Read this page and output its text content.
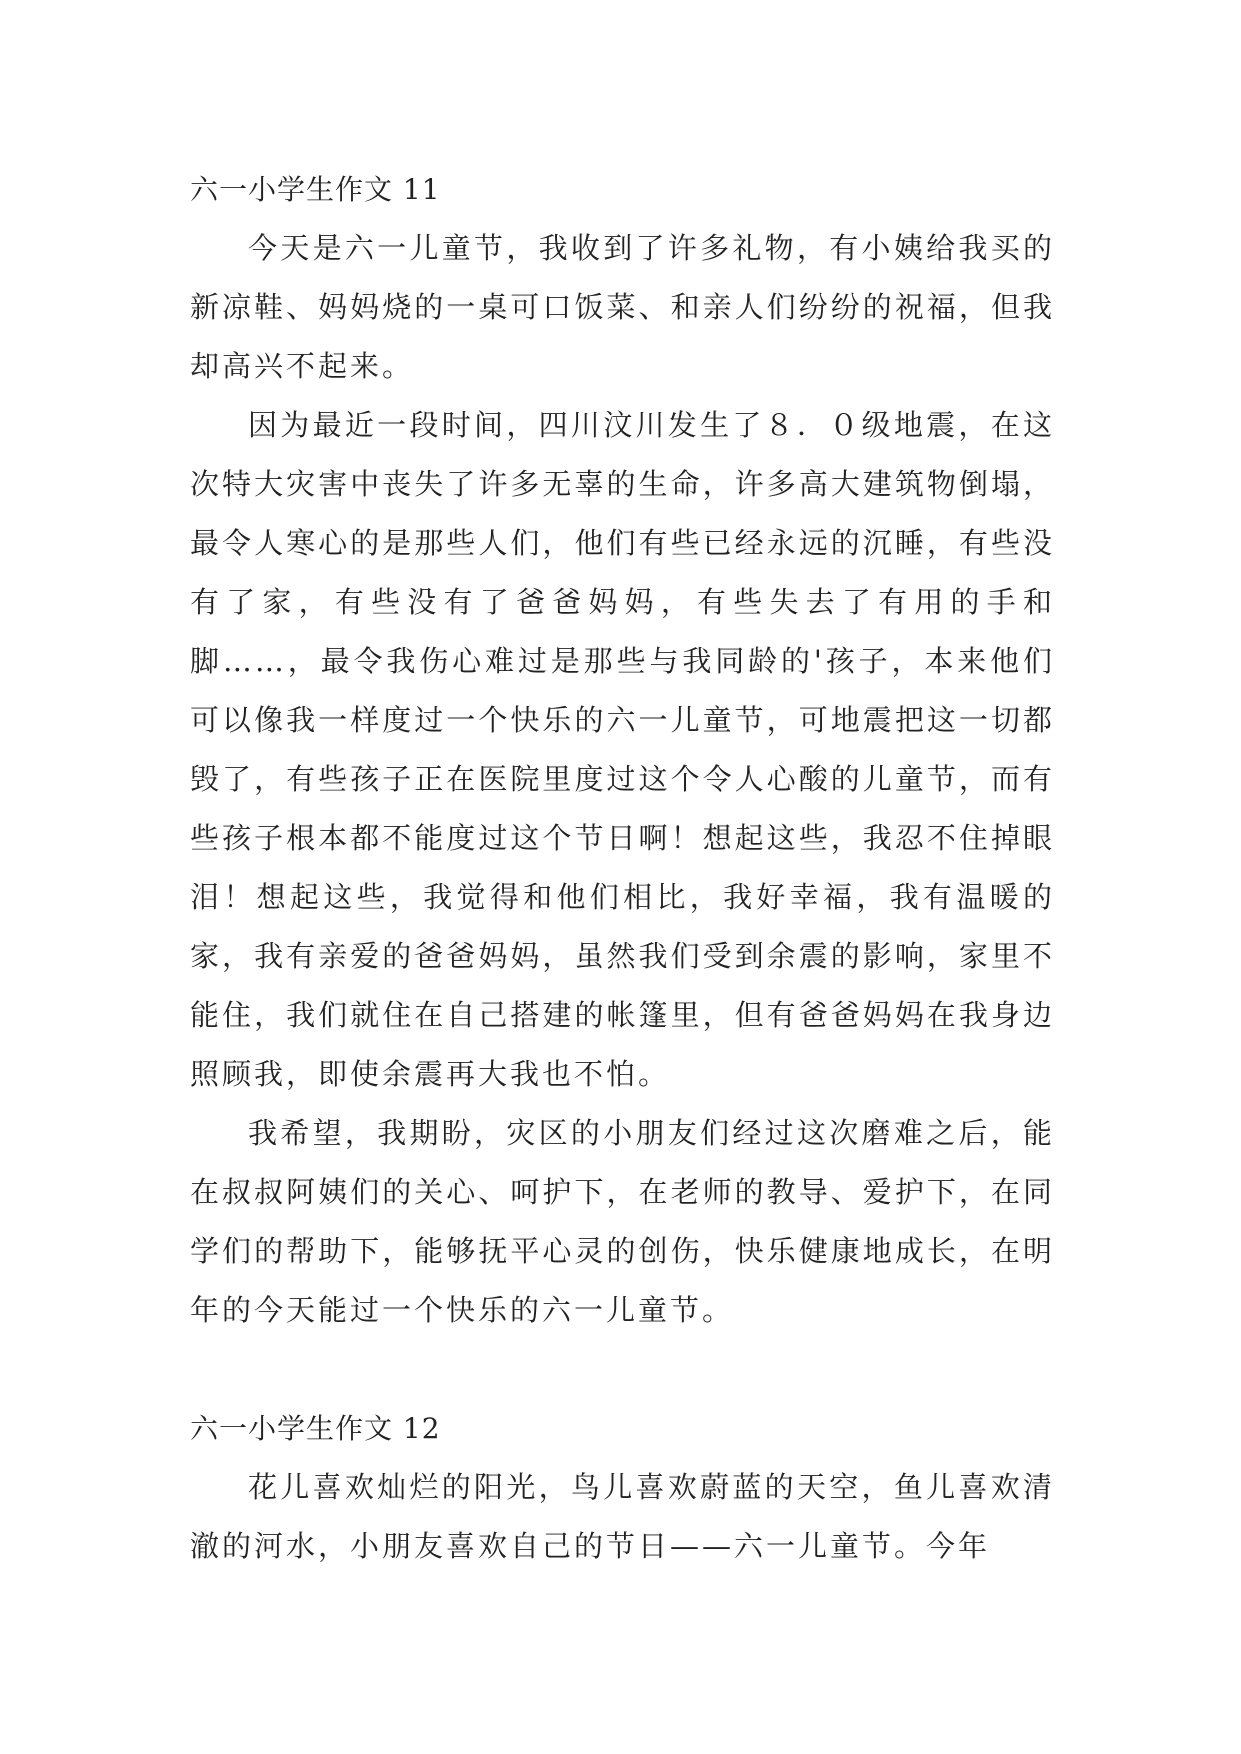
六一小学生作文 11

今天是六一儿童节，我收到了许多礼物，有小姨给我买的新凉鞋、妈妈烧的一桌可口饭菜、和亲人们纷纷的祝福，但我却高兴不起来。

因为最近一段时间，四川汶川发生了８．０级地震，在这次特大灾害中丧失了许多无辜的生命，许多高大建筑物倒塌，最令人寒心的是那些人们，他们有些已经永远的沉睡，有些没有了家，有些没有了爸爸妈妈，有些失去了有用的手和脚……，最令我伤心难过是那些与我同龄的'孩子，本来他们可以像我一样度过一个快乐的六一儿童节，可地震把这一切都毁了，有些孩子正在医院里度过这个令人心酸的儿童节，而有些孩子根本都不能度过这个节日啊！想起这些，我忍不住掉眼泪！想起这些，我觉得和他们相比，我好幸福，我有温暖的家，我有亲爱的爸爸妈妈，虽然我们受到余震的影响，家里不能住，我们就住在自己搭建的帐篷里，但有爸爸妈妈在我身边照顾我，即使余震再大我也不怕。

我希望，我期盼，灾区的小朋友们经过这次磨难之后，能在叔叔阿姨们的关心、呵护下，在老师的教导、爱护下，在同学们的帮助下，能够抚平心灵的创伤，快乐健康地成长，在明年的今天能过一个快乐的六一儿童节。

六一小学生作文 12

花儿喜欢灿烂的阳光，鸟儿喜欢蔚蓝的天空，鱼儿喜欢清澈的河水，小朋友喜欢自己的节日——六一儿童节。今年
